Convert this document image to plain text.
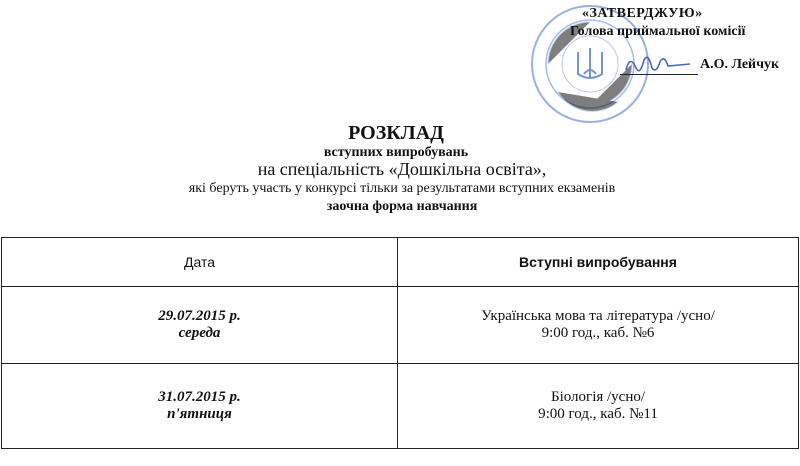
«ЗАТВЕРДЖУЮ»
Голова приймальної комісії
А.О. Лейчук
РОЗКЛАД
вступних випробувань
на спеціальність «Дошкільна освіта»,
які беруть участь у конкурсі тільки за результатами вступних екзаменів
заочна форма навчання
Дата	Вступні випробування

29.07.2015 р.
середа	Українська мова та література /усно/
9:00 год., каб. №6

31.07.2015 р.
п'ятниця	Біологія /усно/
9:00 год., каб. №11
